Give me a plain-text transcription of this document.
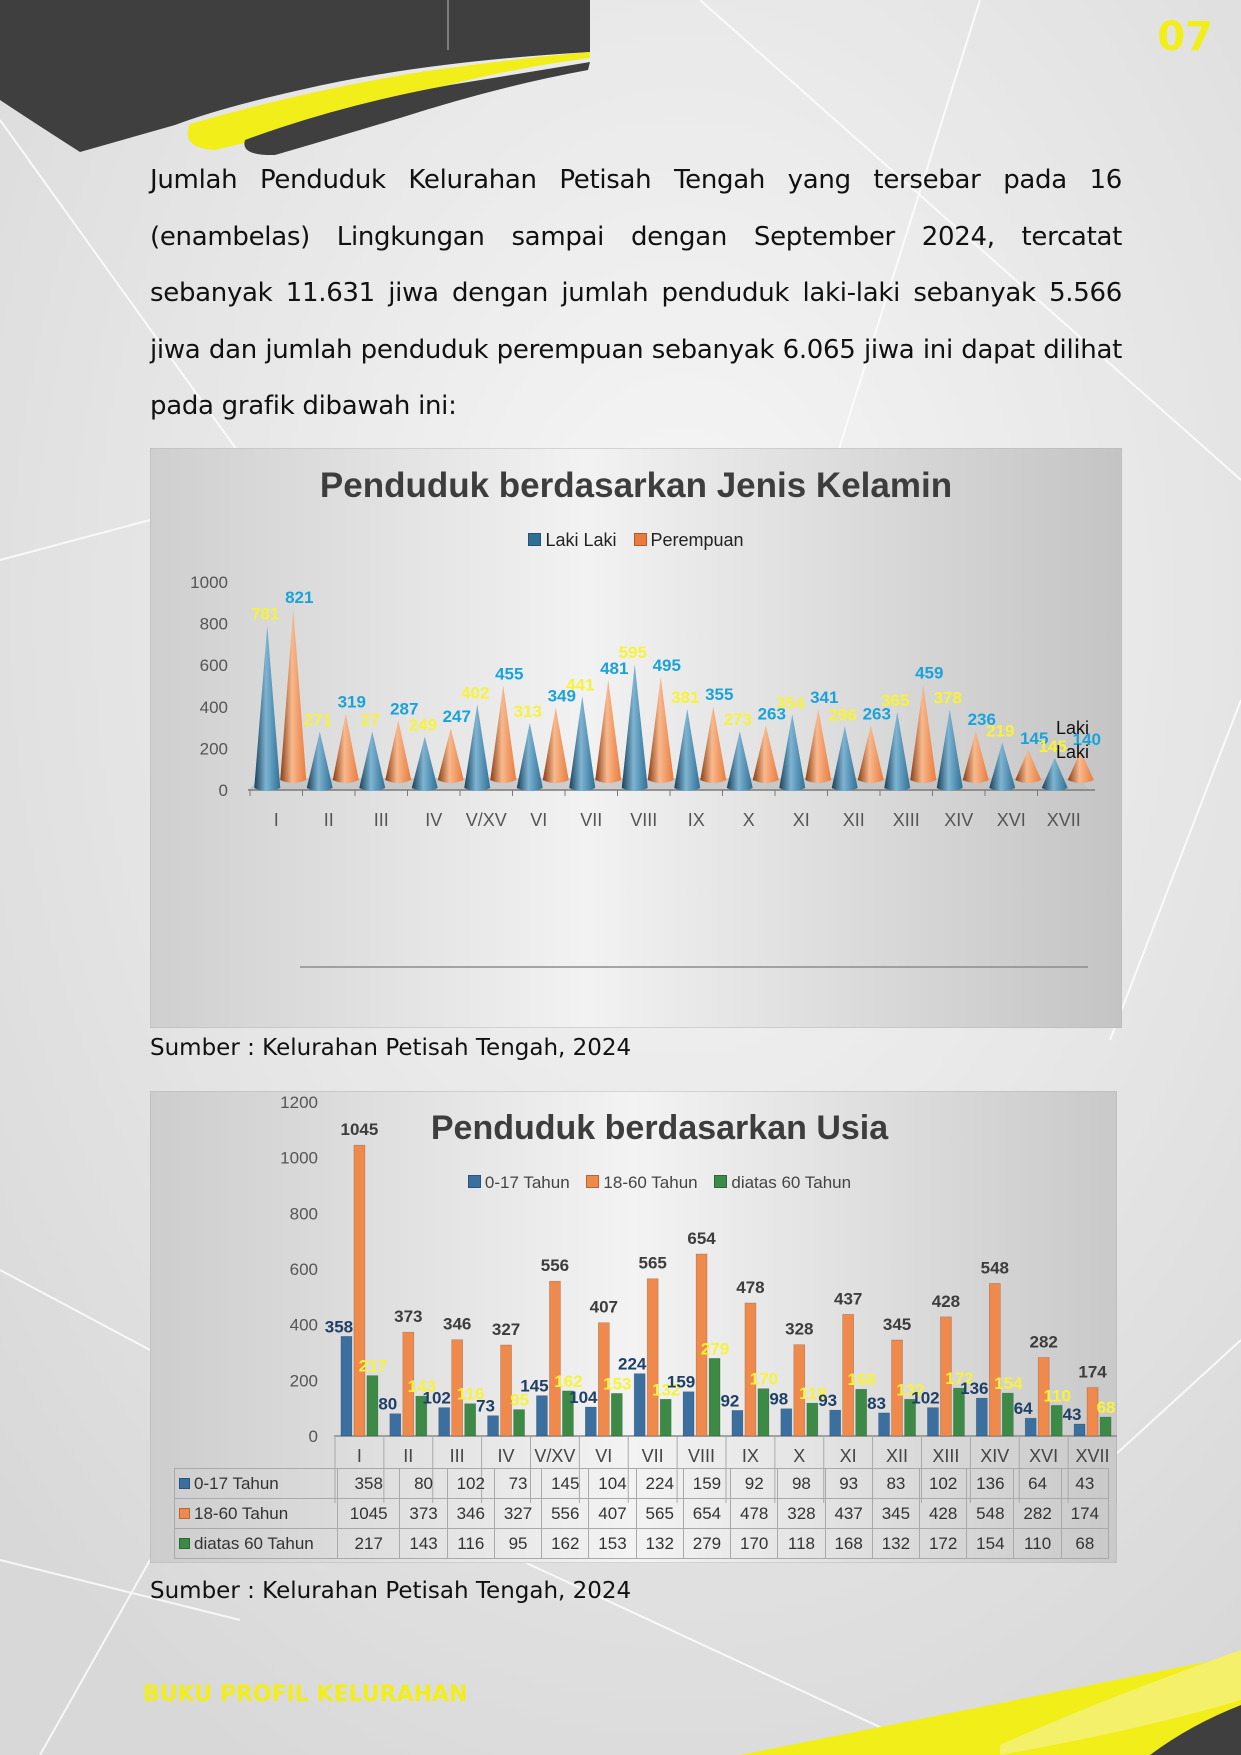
07
Jumlah Penduduk Kelurahan Petisah Tengah yang tersebar pada 16 (enambelas) Lingkungan sampai dengan September 2024, tercatat sebanyak 11.631 jiwa dengan jumlah penduduk laki-laki sebanyak 5.566 jiwa dan jumlah penduduk perempuan sebanyak 6.065 jiwa ini dapat dilihat pada grafik dibawah ini:
0
200
400
600
800
1000
I
781
821
II
271
319
III
27
287
IV
249 247
V/XV
402
455
VI
313
349
VII
441
481
VIII
595
495
IX
381 355
X
273 263
XI
354 341
XII
296 263
XIII
365
459
XIV
378
236
XVI
219 145
XVII
145 140
Laki
Laki
Penduduk berdasarkan Jenis Kelamin
Laki Laki Perempuan
Sumber : Kelurahan Petisah Tengah, 2024
0
200
400
600
800
1000
1200
I
358
1045
217
II
80
373
143
III
102
346
116
IV
73
327
95
V/XV
145
556
162
VI
104
407
153
VII
224
565
132
VIII
159
654
279
IX
92
478
170
X
98
328
118
XI
93
437
168
XII
83
345
132
XIII
102
428
172
XIV
136
548
154
XVI
64
282
110
XVII
43
174
68
Penduduk berdasarkan Usia
0-17 Tahun 18-60 Tahun diatas 60 Tahun
0-17 Tahun	358	80	102	73	145	104	224	159	92	98	93	83	102	136	64	43
18-60 Tahun	1045	373	346	327	556	407	565	654	478	328	437	345	428	548	282	174
diatas 60 Tahun	217	143	116	95	162	153	132	279	170	118	168	132	172	154	110	68
Sumber : Kelurahan Petisah Tengah, 2024
BUKU PROFIL KELURAHAN
